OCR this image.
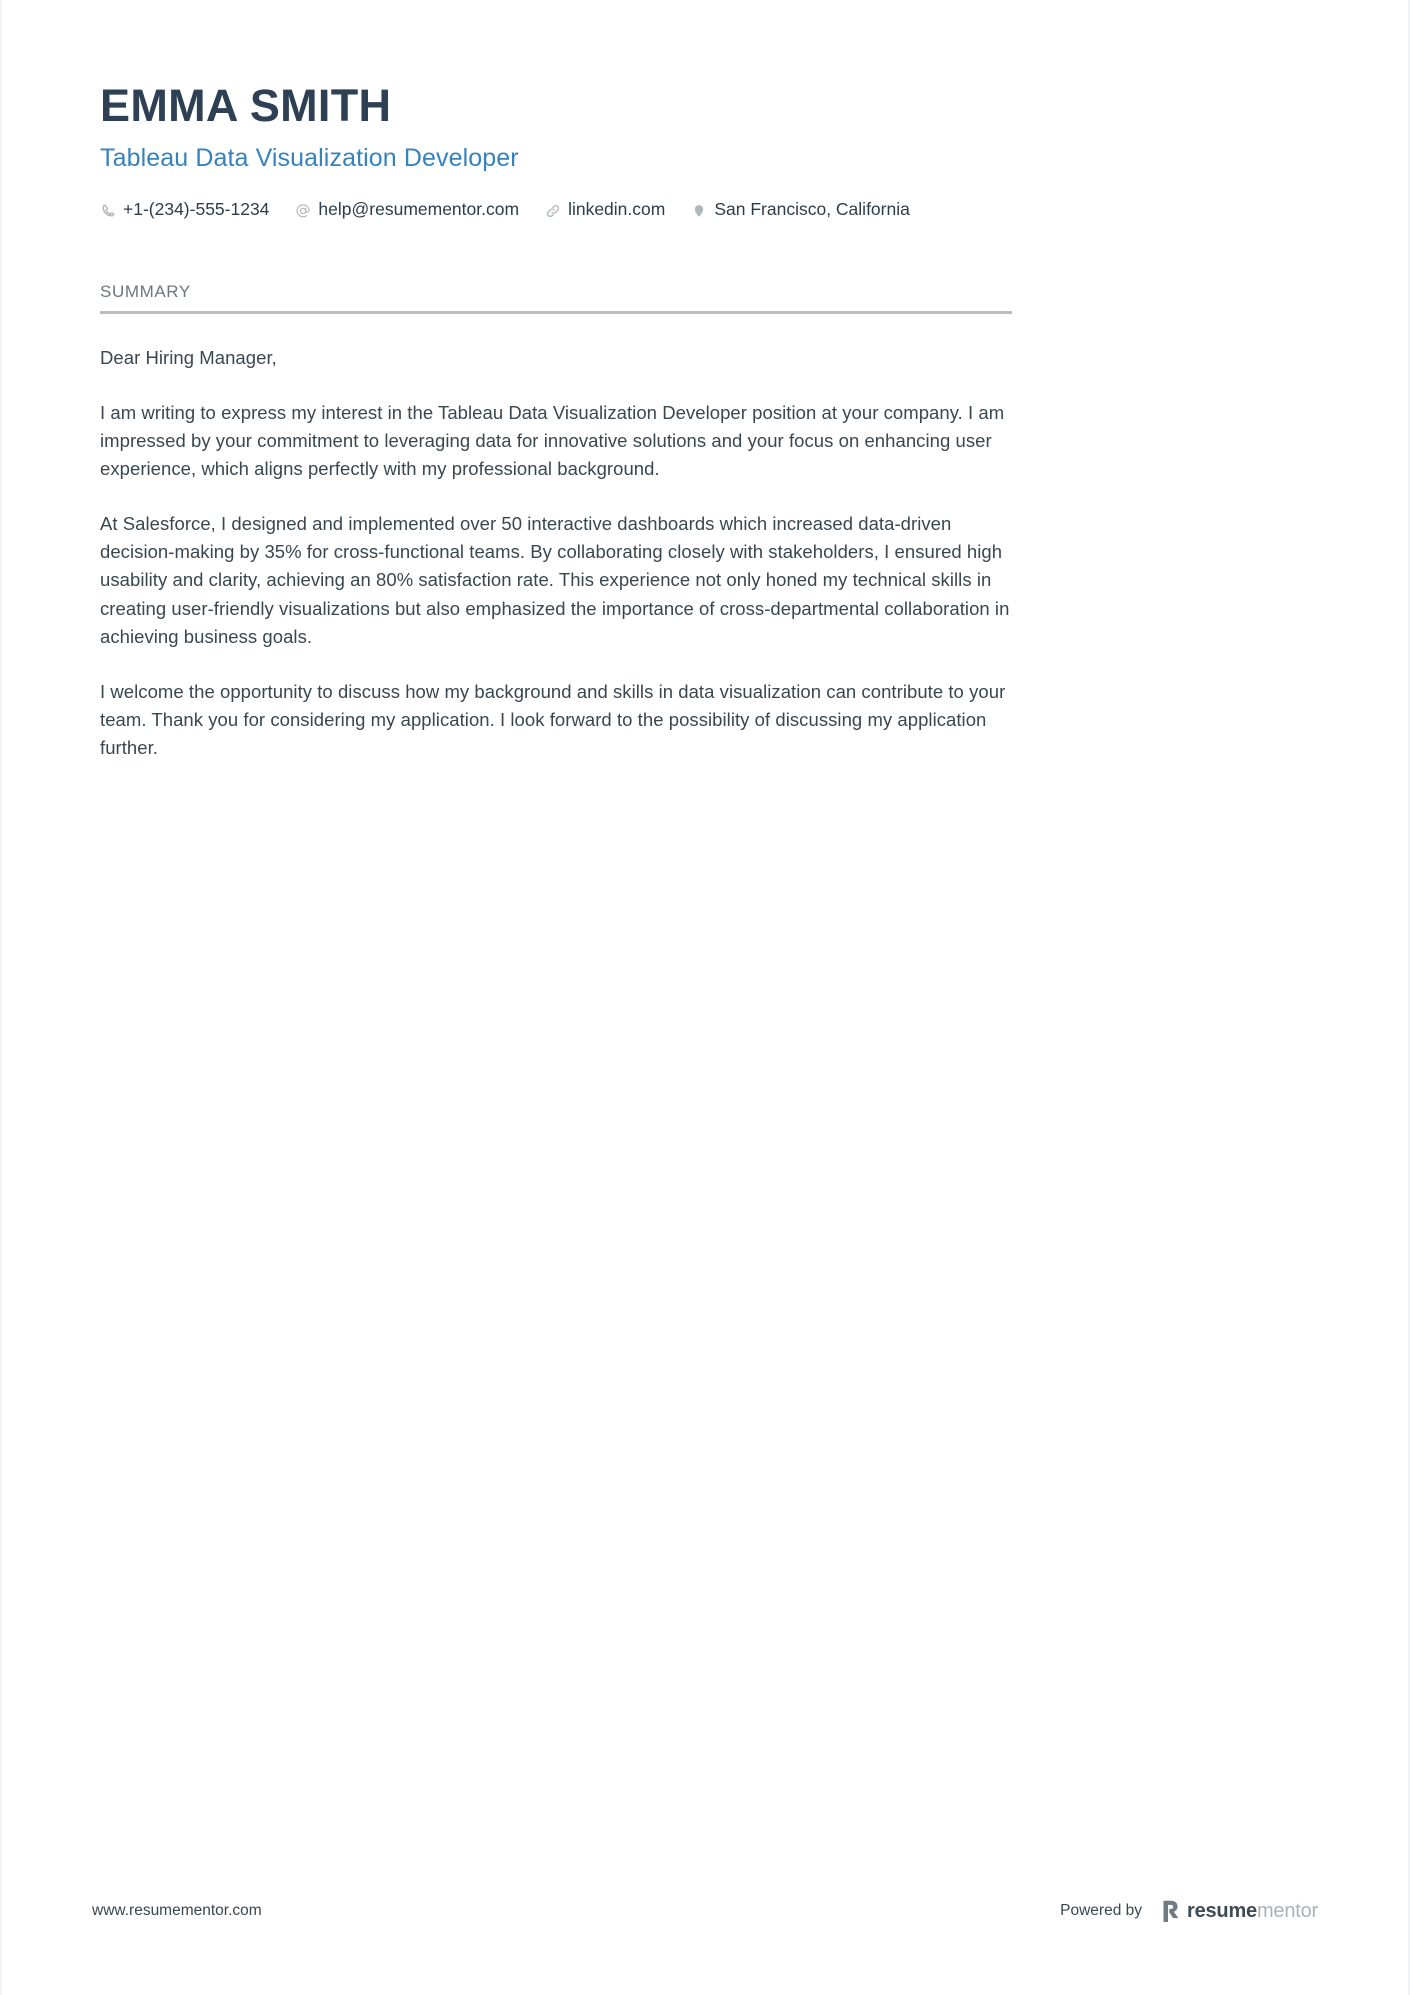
EMMA SMITH
Tableau Data Visualization Developer
+1-(234)-555-1234	help@resumementor.com	linkedin.com	San Francisco, California
SUMMARY

Dear Hiring Manager,

I am writing to express my interest in the Tableau Data Visualization Developer position at your company. I am impressed by your commitment to leveraging data for innovative solutions and your focus on enhancing user experience, which aligns perfectly with my professional background.

At Salesforce, I designed and implemented over 50 interactive dashboards which increased data-driven decision-making by 35% for cross-functional teams. By collaborating closely with stakeholders, I ensured high usability and clarity, achieving an 80% satisfaction rate. This experience not only honed my technical skills in creating user-friendly visualizations but also emphasized the importance of cross-departmental collaboration in achieving business goals.

I welcome the opportunity to discuss how my background and skills in data visualization can contribute to your team. Thank you for considering my application. I look forward to the possibility of discussing my application further.

www.resumementor.com	Powered by resumementor
